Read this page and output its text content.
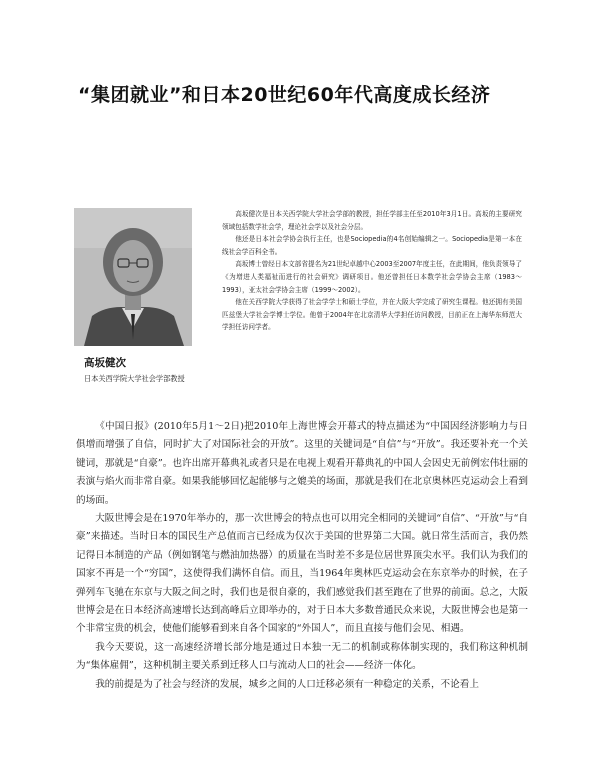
“集团就业”和日本20世纪60年代高度成长经济
高坂健次
日本关西学院大学社会学部教授

高坂健次是日本关西学院大学社会学部的教授，担任学部主任至2010年3月1日。高坂的主要研究领域包括数学社会学，理论社会学以及社会分层。

他还是日本社会学协会执行主任，也是Sociopedia的4名创始编辑之一。Sociopedia是第一本在线社会学百科全书。

高坂博士曾经日本文部省提名为21世纪卓越中心2003至2007年度主任，在此期间，他负责领导了《为增进人类福祉而进行的社会研究》调研项目。他还曾担任日本数学社会学协会主席（1983～1993），亚太社会学协会主席（1999～2002）。

他在关西学院大学获得了社会学学士和硕士学位，并在大阪大学完成了研究生课程。他还拥有美国匹兹堡大学社会学博士学位。他曾于2004年在北京清华大学担任访问教授，目前正在上海华东师范大学担任访问学者。

《中国日报》(2010年5月1～2日)把2010年上海世博会开幕式的特点描述为“中国因经济影响力与日俱增而增强了自信，同时扩大了对国际社会的开放”。这里的关键词是“自信”与“开放”。我还要补充一个关键词，那就是“自豪”。也许出席开幕典礼或者只是在电视上观看开幕典礼的中国人会因史无前例宏伟壮丽的表演与焰火而非常自豪。如果我能够回忆起能够与之媲美的场面，那就是我们在北京奥林匹克运动会上看到的场面。

大阪世博会是在1970年举办的，那一次世博会的特点也可以用完全相同的关键词“自信”、“开放”与“自豪”来描述。当时日本的国民生产总值而言已经成为仅次于美国的世界第二大国。就日常生活而言，我仍然记得日本制造的产品（例如钢笔与燃油加热器）的质量在当时差不多是位居世界顶尖水平。我们认为我们的国家不再是一个“穷国”，这使得我们满怀自信。而且，当1964年奥林匹克运动会在东京举办的时候，在子弹列车飞驰在东京与大阪之间之时，我们也是很自豪的，我们感觉我们甚至跑在了世界的前面。总之，大阪世博会是在日本经济高速增长达到高峰后立即举办的，对于日本大多数普通民众来说，大阪世博会也是第一个非常宝贵的机会，使他们能够看到来自各个国家的“外国人”，而且直接与他们会见、相遇。

我今天要说，这一高速经济增长部分地是通过日本独一无二的机制或称体制实现的，我们称这种机制为“集体雇佣”，这种机制主要关系到迁移人口与流动人口的社会——经济一体化。

我的前提是为了社会与经济的发展，城乡之间的人口迁移必须有一种稳定的关系，不论看上
